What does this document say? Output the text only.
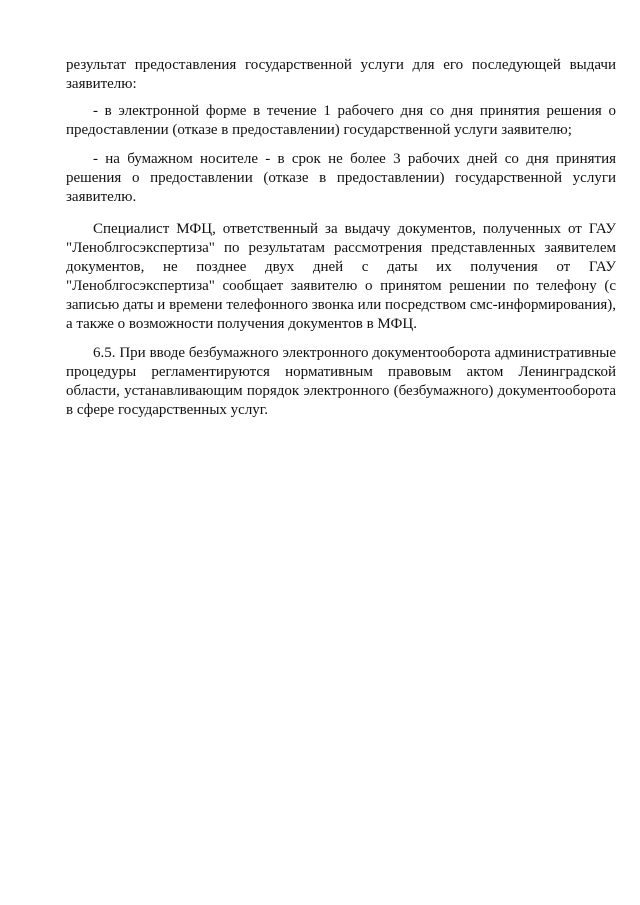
результат предоставления государственной услуги для его последующей выдачи заявителю:

- в электронной форме в течение 1 рабочего дня со дня принятия решения о предоставлении (отказе в предоставлении) государственной услуги заявителю;

- на бумажном носителе - в срок не более 3 рабочих дней со дня принятия решения о предоставлении (отказе в предоставлении) государственной услуги заявителю.

Специалист МФЦ, ответственный за выдачу документов, полученных от ГАУ "Леноблгосэкспертиза" по результатам рассмотрения представленных заявителем документов, не позднее двух дней с даты их получения от ГАУ "Леноблгосэкспертиза" сообщает заявителю о принятом решении по телефону (с записью даты и времени телефонного звонка или посредством смс-информирования), а также о возможности получения документов в МФЦ.

6.5. При вводе безбумажного электронного документооборота административные процедуры регламентируются нормативным правовым актом Ленинградской области, устанавливающим порядок электронного (безбумажного) документооборота в сфере государственных услуг.
